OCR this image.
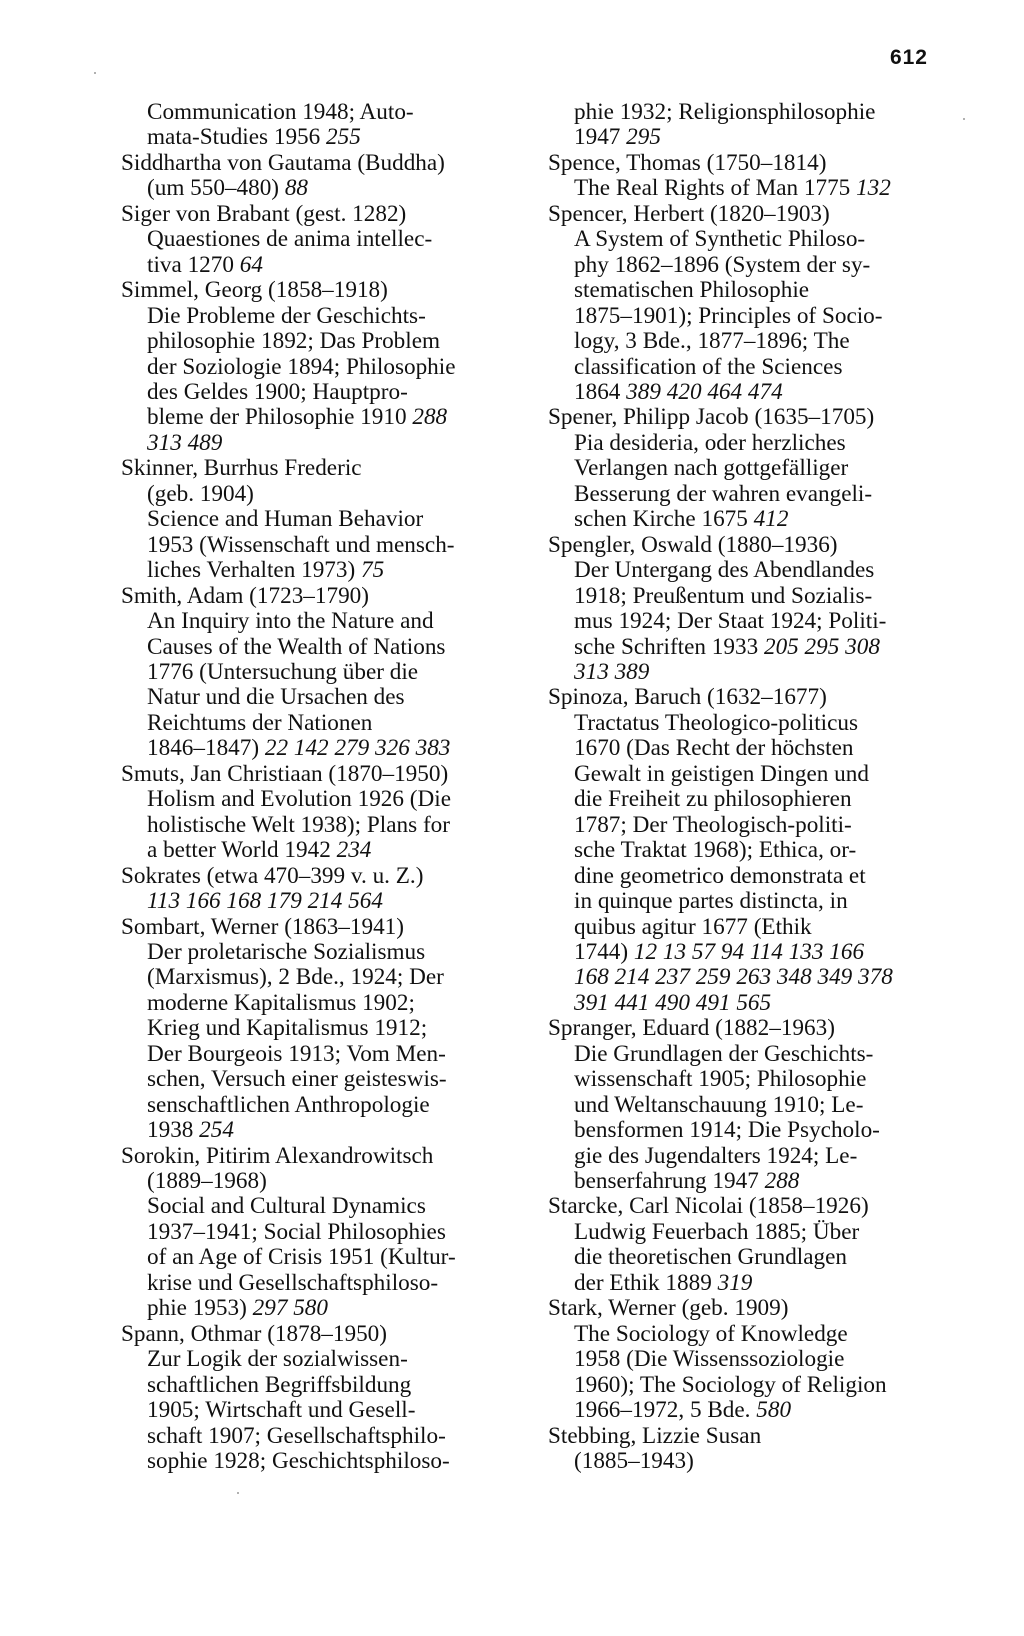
612
Communication 1948; Auto-
mata-Studies 1956 255
Siddhartha von Gautama (Buddha)
(um 550–480) 88
Siger von Brabant (gest. 1282)
Quaestiones de anima intellec-
tiva 1270 64
Simmel, Georg (1858–1918)
Die Probleme der Geschichts-
philosophie 1892; Das Problem
der Soziologie 1894; Philosophie
des Geldes 1900; Hauptpro-
bleme der Philosophie 1910 288
313 489
Skinner, Burrhus Frederic
(geb. 1904)
Science and Human Behavior
1953 (Wissenschaft und mensch-
liches Verhalten 1973) 75
Smith, Adam (1723–1790)
An Inquiry into the Nature and
Causes of the Wealth of Nations
1776 (Untersuchung über die
Natur und die Ursachen des
Reichtums der Nationen
1846–1847) 22 142 279 326 383
Smuts, Jan Christiaan (1870–1950)
Holism and Evolution 1926 (Die
holistische Welt 1938); Plans for
a better World 1942 234
Sokrates (etwa 470–399 v. u. Z.)
113 166 168 179 214 564
Sombart, Werner (1863–1941)
Der proletarische Sozialismus
(Marxismus), 2 Bde., 1924; Der
moderne Kapitalismus 1902;
Krieg und Kapitalismus 1912;
Der Bourgeois 1913; Vom Men-
schen, Versuch einer geisteswis-
senschaftlichen Anthropologie
1938 254
Sorokin, Pitirim Alexandrowitsch
(1889–1968)
Social and Cultural Dynamics
1937–1941; Social Philosophies
of an Age of Crisis 1951 (Kultur-
krise und Gesellschaftsphiloso-
phie 1953) 297 580
Spann, Othmar (1878–1950)
Zur Logik der sozialwissen-
schaftlichen Begriffsbildung
1905; Wirtschaft und Gesell-
schaft 1907; Gesellschaftsphilo-
sophie 1928; Geschichtsphiloso-
phie 1932; Religionsphilosophie
1947 295
Spence, Thomas (1750–1814)
The Real Rights of Man 1775 132
Spencer, Herbert (1820–1903)
A System of Synthetic Philoso-
phy 1862–1896 (System der sy-
stematischen Philosophie
1875–1901); Principles of Socio-
logy, 3 Bde., 1877–1896; The
classification of the Sciences
1864 389 420 464 474
Spener, Philipp Jacob (1635–1705)
Pia desideria, oder herzliches
Verlangen nach gottgefälliger
Besserung der wahren evangeli-
schen Kirche 1675 412
Spengler, Oswald (1880–1936)
Der Untergang des Abendlandes
1918; Preußentum und Sozialis-
mus 1924; Der Staat 1924; Politi-
sche Schriften 1933 205 295 308
313 389
Spinoza, Baruch (1632–1677)
Tractatus Theologico-politicus
1670 (Das Recht der höchsten
Gewalt in geistigen Dingen und
die Freiheit zu philosophieren
1787; Der Theologisch-politi-
sche Traktat 1968); Ethica, or-
dine geometrico demonstrata et
in quinque partes distincta, in
quibus agitur 1677 (Ethik
1744) 12 13 57 94 114 133 166
168 214 237 259 263 348 349 378
391 441 490 491 565
Spranger, Eduard (1882–1963)
Die Grundlagen der Geschichts-
wissenschaft 1905; Philosophie
und Weltanschauung 1910; Le-
bensformen 1914; Die Psycholo-
gie des Jugendalters 1924; Le-
benserfahrung 1947 288
Starcke, Carl Nicolai (1858–1926)
Ludwig Feuerbach 1885; Über
die theoretischen Grundlagen
der Ethik 1889 319
Stark, Werner (geb. 1909)
The Sociology of Knowledge
1958 (Die Wissenssoziologie
1960); The Sociology of Religion
1966–1972, 5 Bde. 580
Stebbing, Lizzie Susan
(1885–1943)
